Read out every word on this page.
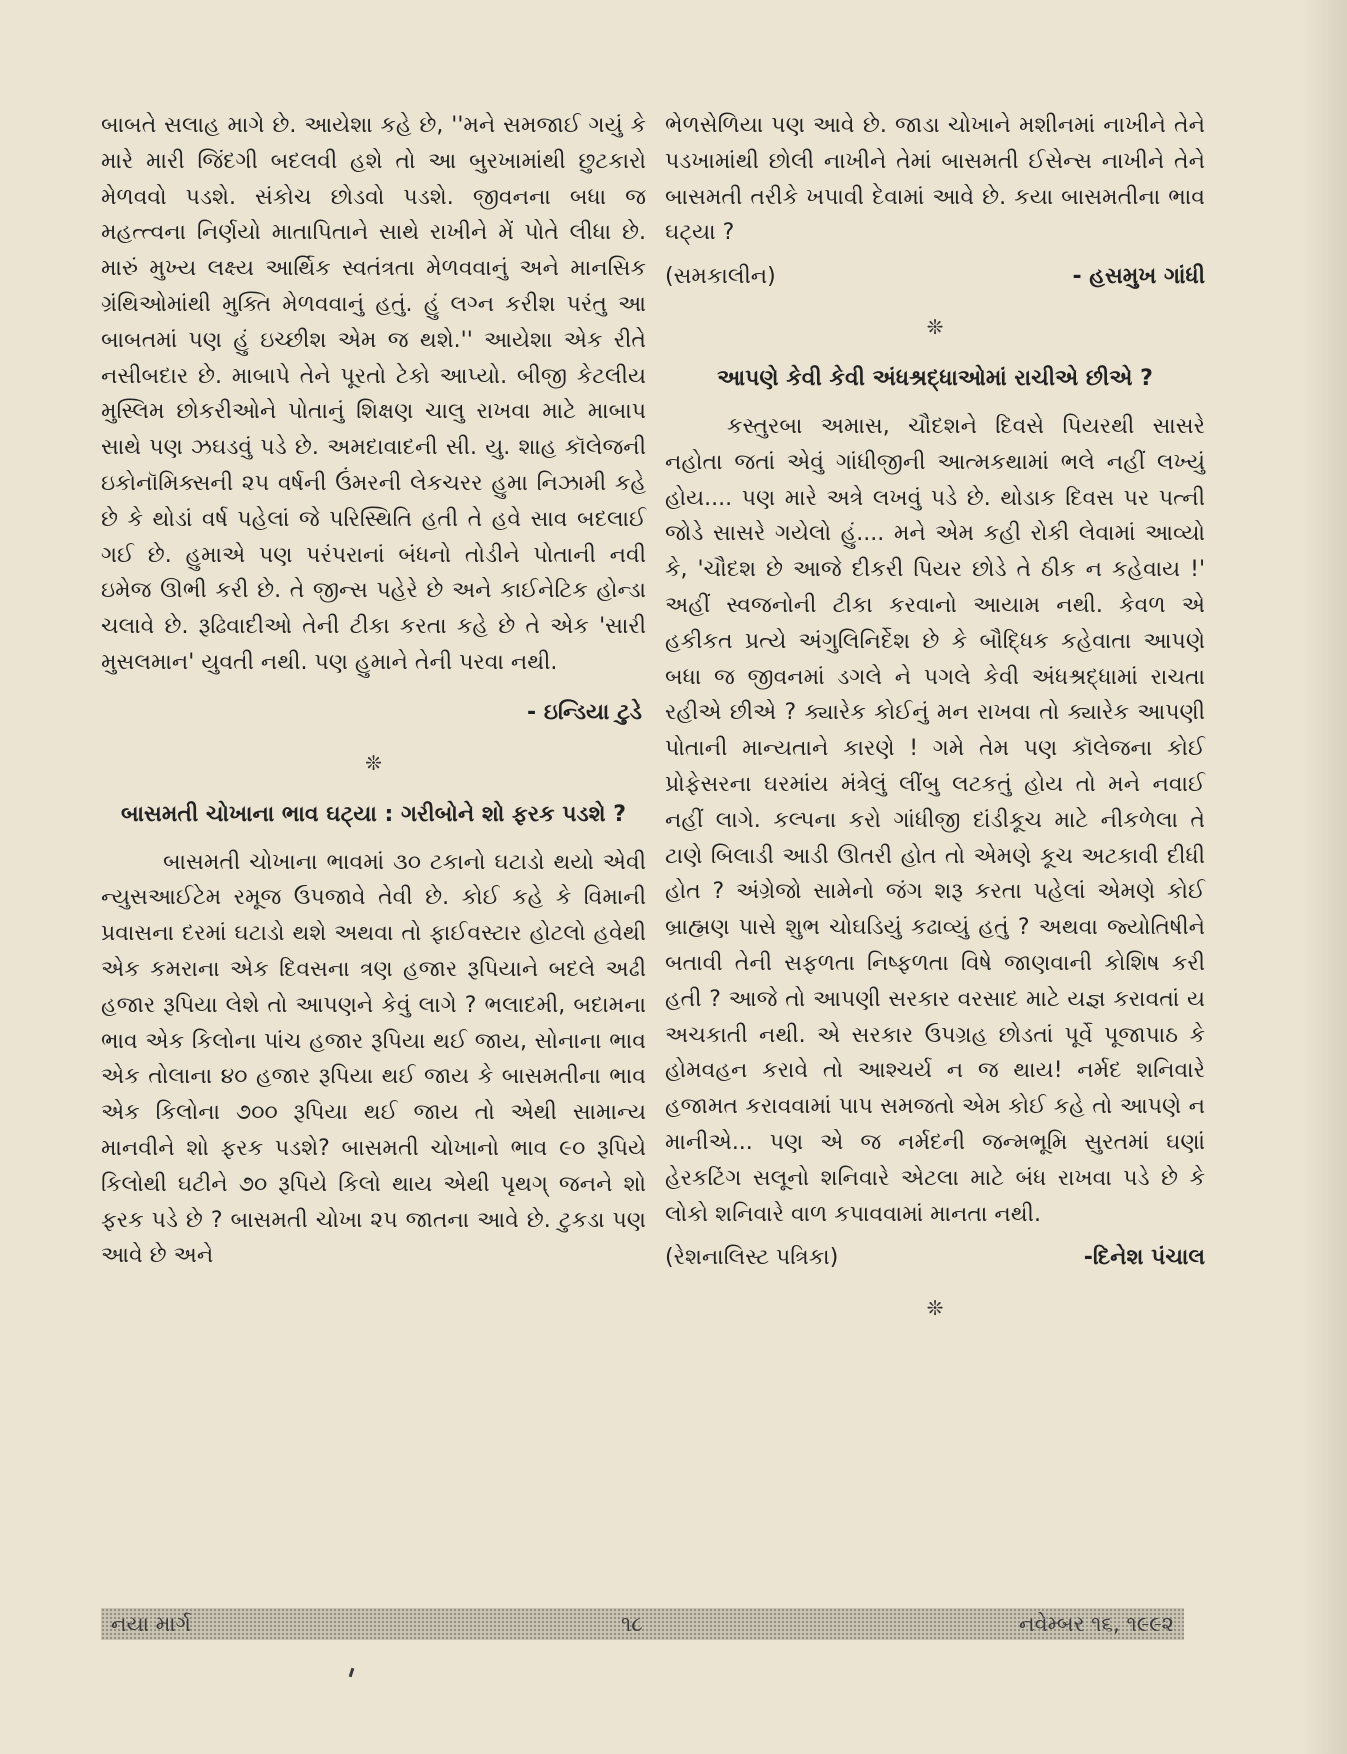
બાબતે સલાહ માગે છે. આયેશા કહે છે, ''મને સમજાઈ ગયું કે મારે મારી જિંદગી બદલવી હશે તો આ બુરખામાંથી છુટકારો મેળવવો પડશે. સંકોચ છોડવો પડશે. જીવનના બધા જ મહત્ત્વના નિર્ણયો માતાપિતાને સાથે રાખીને મેં પોતે લીધા છે. મારું મુખ્ય લક્ષ્ય આર્થિક સ્વતંત્રતા મેળવવાનું અને માનસિક ગ્રંથિઓમાંથી મુક્તિ મેળવવાનું હતું. હું લગ્ન કરીશ પરંતુ આ બાબતમાં પણ હું ઇચ્છીશ એમ જ થશે.'' આયેશા એક રીતે નસીબદાર છે. માબાપે તેને પૂરતો ટેકો આપ્યો. બીજી કેટલીય મુસ્લિમ છોકરીઓને પોતાનું શિક્ષણ ચાલુ રાખવા માટે માબાપ સાથે પણ ઝઘડવું પડે છે. અમદાવાદની સી. યુ. શાહ કૉલેજની ઇકોનૉમિક્સની ૨૫ વર્ષની ઉંમરની લેકચરર હુમા નિઝામી કહે છે કે થોડાં વર્ષ પહેલાં જે પરિસ્થિતિ હતી તે હવે સાવ બદલાઈ ગઈ છે. હુમાએ પણ પરંપરાનાં બંધનો તોડીને પોતાની નવી ઇમેજ ઊભી કરી છે. તે જીન્સ પહેરે છે અને કાઈનેટિક હોન્ડા ચલાવે છે. રૂઢિવાદીઓ તેની ટીકા કરતા કહે છે તે એક 'સારી મુસલમાન' યુવતી નથી. પણ હુમાને તેની પરવા નથી.

- ઇન્ડિયા ટુડે

❊

બાસમતી ચોખાના ભાવ ઘટ્યા : ગરીબોને શો ફરક પડશે ?

બાસમતી ચોખાના ભાવમાં ૩૦ ટકાનો ઘટાડો થયો એવી ન્યુસઆઈટેમ રમૂજ ઉપજાવે તેવી છે. કોઈ કહે કે વિમાની પ્રવાસના દરમાં ઘટાડો થશે અથવા તો ફાઈવસ્ટાર હોટલો હવેથી એક કમરાના એક દિવસના ત્રણ હજાર રૂપિયાને બદલે અઢી હજાર રૂપિયા લેશે તો આપણને કેવું લાગે ? ભલાદમી, બદામના ભાવ એક કિલોના પાંચ હજાર રૂપિયા થઈ જાય, સોનાના ભાવ એક તોલાના ૪૦ હજાર રૂપિયા થઈ જાય કે બાસમતીના ભાવ એક કિલોના ૭૦૦ રૂપિયા થઈ જાય તો એથી સામાન્ય માનવીને શો ફરક પડશે? બાસમતી ચોખાનો ભાવ ૯૦ રૂપિયે કિલોથી ઘટીને ૭૦ રૂપિયે કિલો થાય એથી પૃથગ્ જનને શો ફરક પડે છે ? બાસમતી ચોખા ૨૫ જાતના આવે છે. ટુકડા પણ આવે છે અને

ભેળસેળિયા પણ આવે છે. જાડા ચોખાને મશીનમાં નાખીને તેને પડખામાંથી છોલી નાખીને તેમાં બાસમતી ઈસેન્સ નાખીને તેને બાસમતી તરીકે ખપાવી દેવામાં આવે છે. કયા બાસમતીના ભાવ ઘટ્યા ?

(સમકાલીન)	- હસમુખ ગાંધી

❊

આપણે કેવી કેવી અંધશ્રદ્ધાઓમાં રાચીએ છીએ ?

કસ્તુરબા અમાસ, ચૌદશને દિવસે પિયરથી સાસરે નહોતા જતાં એવું ગાંધીજીની આત્મકથામાં ભલે નહીં લખ્યું હોય.... પણ મારે અત્રે લખવું પડે છે. થોડાક દિવસ પર પત્ની જોડે સાસરે ગયેલો હું.... મને એમ કહી રોકી લેવામાં આવ્યો કે, 'ચૌદશ છે આજે દીકરી પિયર છોડે તે ઠીક ન કહેવાય !' અહીં સ્વજનોની ટીકા કરવાનો આયામ નથી. કેવળ એ હકીકત પ્રત્યે અંગુલિનિર્દેશ છે કે બૌદ્ધિક કહેવાતા આપણે બધા જ જીવનમાં ડગલે ને પગલે કેવી અંધશ્રદ્ધામાં રાચતા રહીએ છીએ ? ક્યારેક કોઈનું મન રાખવા તો ક્યારેક આપણી પોતાની માન્યતાને કારણે ! ગમે તેમ પણ કૉલેજના કોઈ પ્રોફેસરના ઘરમાંય મંત્રેલું લીંબુ લટકતું હોય તો મને નવાઈ નહીં લાગે. કલ્પના કરો ગાંધીજી દાંડીકૂચ માટે નીકળેલા તે ટાણે બિલાડી આડી ઊતરી હોત તો એમણે કૂચ અટકાવી દીધી હોત ? અંગ્રેજો સામેનો જંગ શરૂ કરતા પહેલાં એમણે કોઈ બ્રાહ્મણ પાસે શુભ ચોઘડિયું કઢાવ્યું હતું ? અથવા જ્યોતિષીને બતાવી તેની સફળતા નિષ્ફળતા વિષે જાણવાની કોશિષ કરી હતી ? આજે તો આપણી સરકાર વરસાદ માટે યજ્ઞ કરાવતાં ય અચકાતી નથી. એ સરકાર ઉપગ્રહ છોડતાં પૂર્વે પૂજાપાઠ કે હોમવહન કરાવે તો આશ્ચર્ય ન જ થાય! નર્મદ શનિવારે હજામત કરાવવામાં પાપ સમજતો એમ કોઈ કહે તો આપણે ન માનીએ... પણ એ જ નર્મદની જન્મભૂમિ સુરતમાં ઘણાં હેરકટિંગ સલૂનો શનિવારે એટલા માટે બંધ રાખવા પડે છે કે લોકો શનિવારે વાળ કપાવવામાં માનતા નથી.

(રેશનાલિસ્ટ પત્રિકા)	-દિનેશ પંચાલ

❊

નયા માર્ગ	૧૮	નવેમ્બર ૧૬, ૧૯૯૨
